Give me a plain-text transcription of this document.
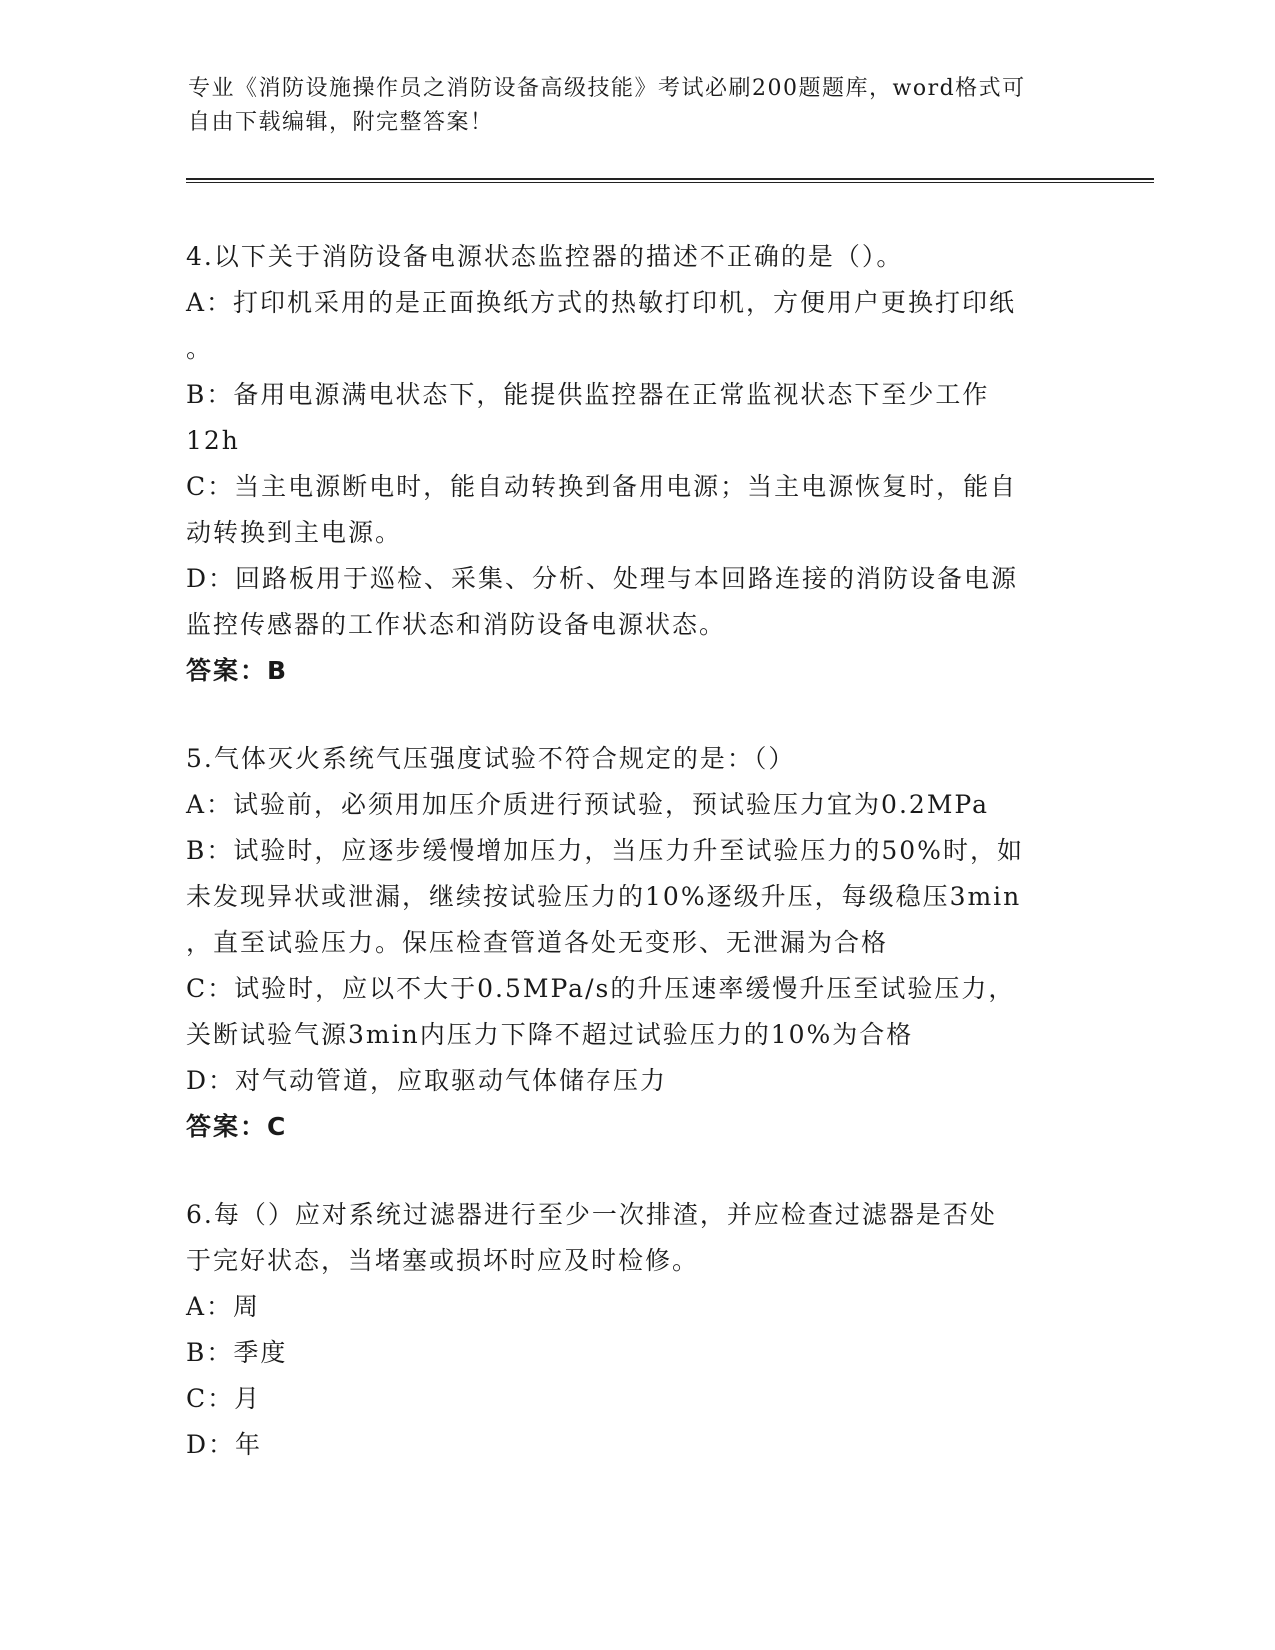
专业《消防设施操作员之消防设备高级技能》考试必刷200题题库，word格式可
自由下载编辑，附完整答案！
4.以下关于消防设备电源状态监控器的描述不正确的是（）。
A：打印机采用的是正面换纸方式的热敏打印机，方便用户更换打印纸
。
B：备用电源满电状态下，能提供监控器在正常监视状态下至少工作
12h
C：当主电源断电时，能自动转换到备用电源；当主电源恢复时，能自
动转换到主电源。
D：回路板用于巡检、采集、分析、处理与本回路连接的消防设备电源
监控传感器的工作状态和消防设备电源状态。
答案：B
5.气体灭火系统气压强度试验不符合规定的是：（）
A：试验前，必须用加压介质进行预试验，预试验压力宜为0.2MPa
B：试验时，应逐步缓慢增加压力，当压力升至试验压力的50%时，如
未发现异状或泄漏，继续按试验压力的10%逐级升压，每级稳压3min
，直至试验压力。保压检查管道各处无变形、无泄漏为合格
C：试验时，应以不大于0.5MPa/s的升压速率缓慢升压至试验压力，
关断试验气源3min内压力下降不超过试验压力的10%为合格
D：对气动管道，应取驱动气体储存压力
答案：C
6.每（）应对系统过滤器进行至少一次排渣，并应检查过滤器是否处
于完好状态，当堵塞或损坏时应及时检修。
A：周
B：季度
C：月
D：年
